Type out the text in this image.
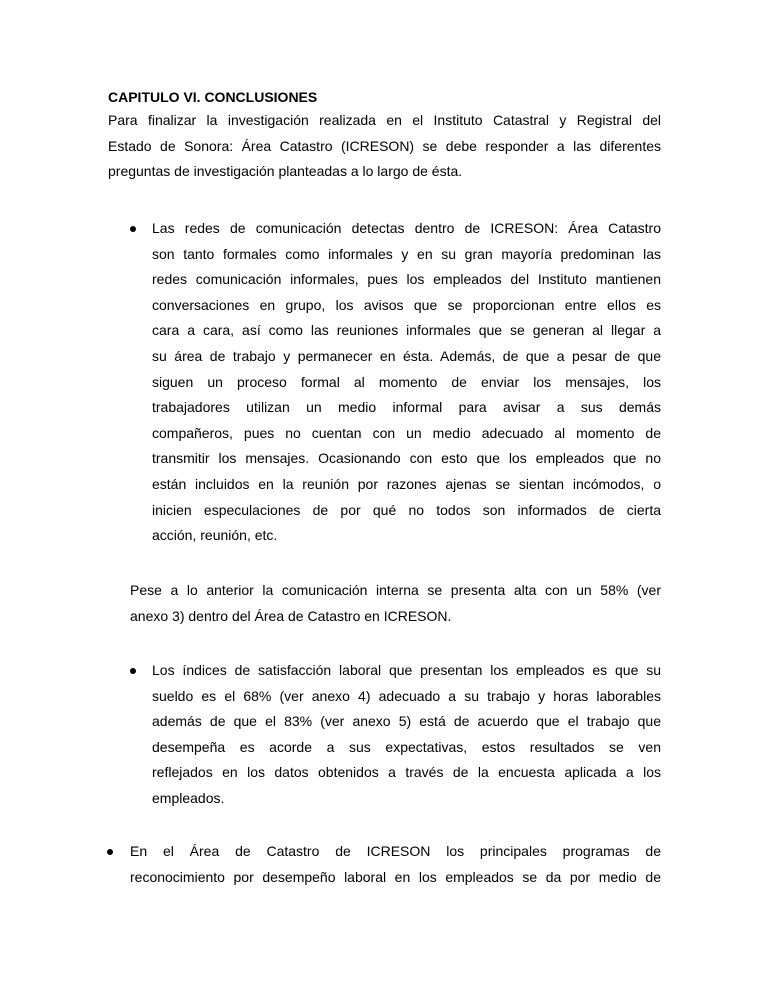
CAPITULO VI. CONCLUSIONES
Para finalizar la investigación realizada en el Instituto Catastral y Registral del
Estado de Sonora: Área Catastro (ICRESON) se debe responder a las diferentes
preguntas de investigación planteadas a lo largo de ésta.
Las redes de comunicación detectas dentro de ICRESON: Área Catastro
son tanto formales como informales y en su gran mayoría predominan las
redes comunicación informales, pues los empleados del Instituto mantienen
conversaciones en grupo, los avisos que se proporcionan entre ellos es
cara a cara, así como las reuniones informales que se generan al llegar a
su área de trabajo y permanecer en ésta. Además, de que a pesar de que
siguen un proceso formal al momento de enviar los mensajes, los
trabajadores utilizan un medio informal para avisar a sus demás
compañeros, pues no cuentan con un medio adecuado al momento de
transmitir los mensajes. Ocasionando con esto que los empleados que no
están incluidos en la reunión por razones ajenas se sientan incómodos, o
inicien especulaciones de por qué no todos son informados de cierta
acción, reunión, etc.
Pese a lo anterior la comunicación interna se presenta alta con un 58% (ver
anexo 3) dentro del Área de Catastro en ICRESON.
Los índices de satisfacción laboral que presentan los empleados es que su
sueldo es el 68% (ver anexo 4) adecuado a su trabajo y horas laborables
además de que el 83% (ver anexo 5) está de acuerdo que el trabajo que
desempeña es acorde a sus expectativas, estos resultados se ven
reflejados en los datos obtenidos a través de la encuesta aplicada a los
empleados.
En el Área de Catastro de ICRESON los principales programas de
reconocimiento por desempeño laboral en los empleados se da por medio de
